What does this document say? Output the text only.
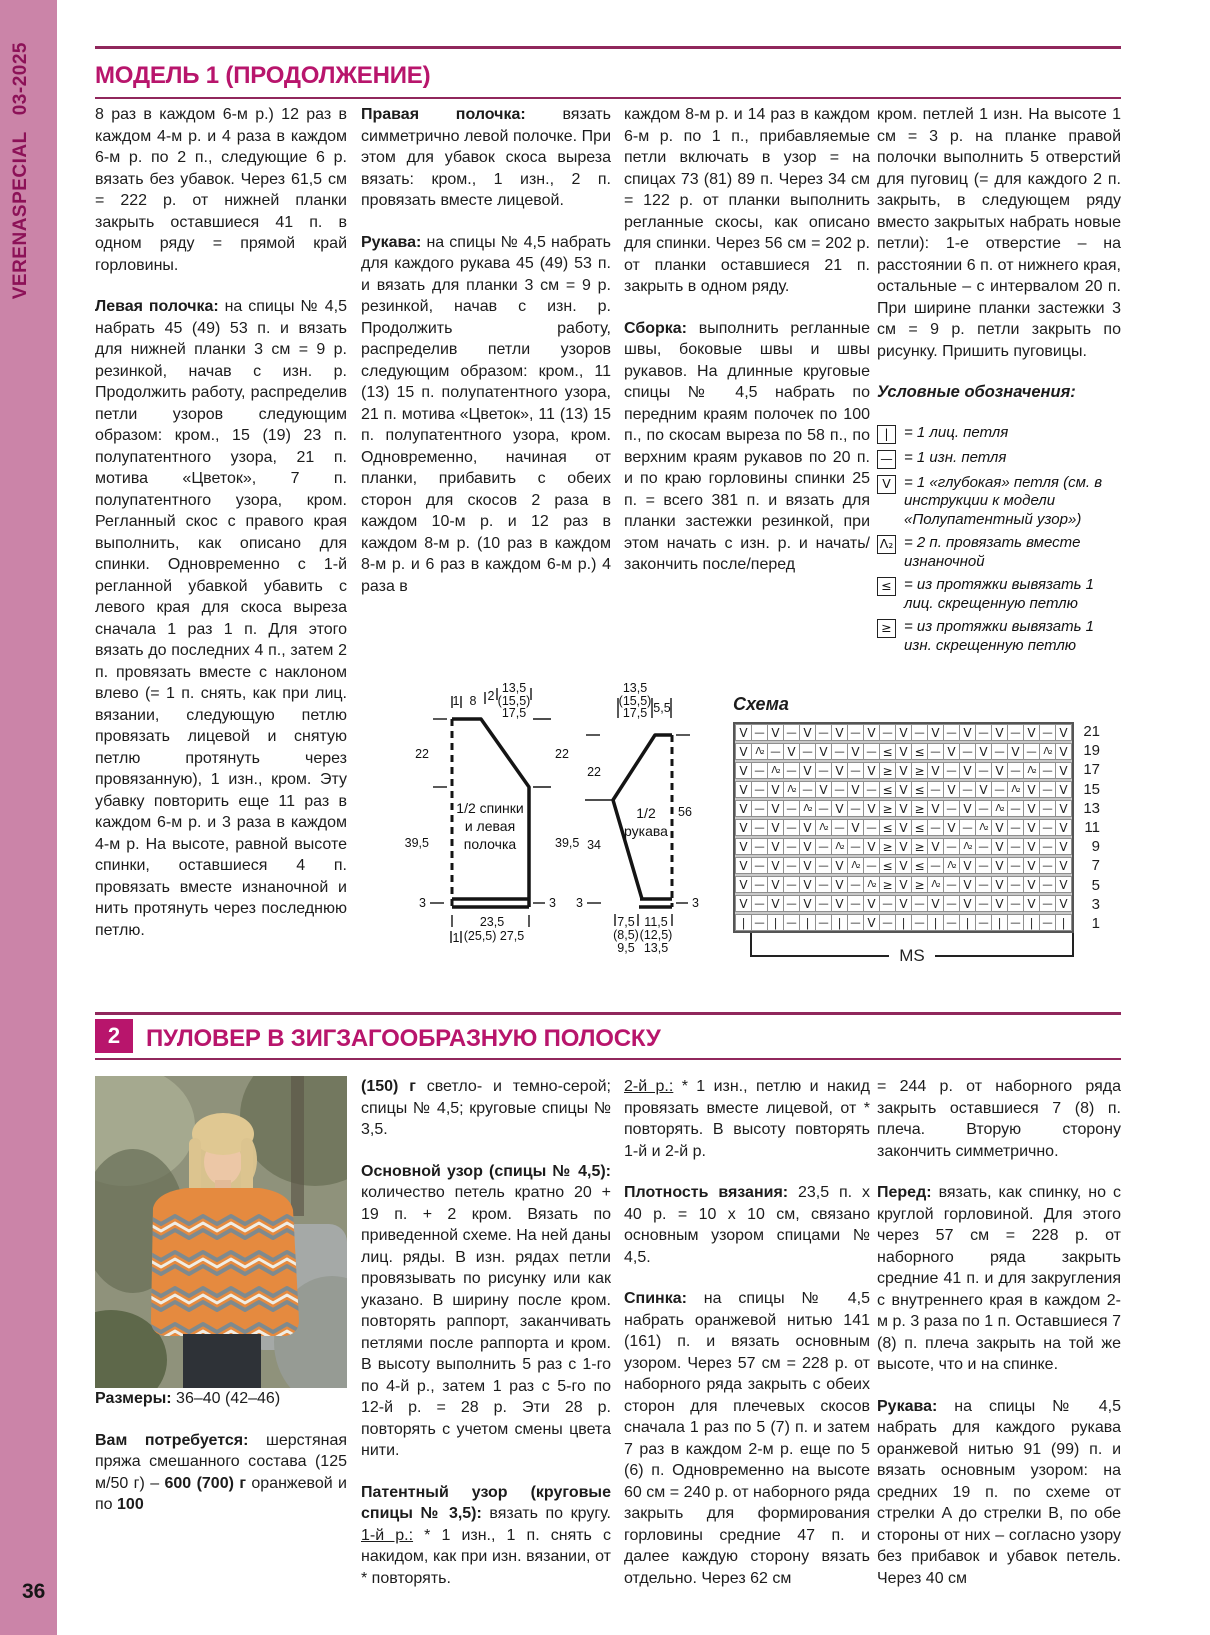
VERENASPECIAL
03-2025
36
МОДЕЛЬ 1 (ПРОДОЛЖЕНИЕ)

8 раз в каждом 6-м р.) 12 раз в каждом 4-м р. и 4 раза в каждом 6-м р. по 2 п., следующие 6 р. вязать без убавок. Через 61,5 см = 222 р. от нижней планки закрыть оставшиеся 41 п. в одном ряду = прямой край горловины.

Левая полочка: на спицы № 4,5 набрать 45 (49) 53 п. и вязать для нижней планки 3 см = 9 р. резинкой, начав с изн. р. Продолжить работу, распределив петли узоров следующим образом: кром., 15 (19) 23 п. полупатентного узора, 21 п. мотива «Цветок», 7 п. полупатентного узора, кром. Регланный скос с правого края выполнить, как описано для спинки. Одновременно с 1-й регланной убавкой убавить с левого края для скоса выреза сначала 1 раз 1 п. Для этого вязать до последних 4 п., затем 2 п. провязать вместе с наклоном влево (= 1 п. снять, как при лиц. вязании, следующую петлю провязать лицевой и снятую петлю протянуть через провязанную), 1 изн., кром. Эту убавку повторить еще 11 раз в каждом 6-м р. и 3 раза в каждом 4-м р. На высоте, равной высоте спинки, оставшиеся 4 п. провязать вместе изнаночной и нить протянуть через последнюю петлю.

Правая полочка: вязать симметрично левой полочке. При этом для убавок скоса выреза вязать: кром., 1 изн., 2 п. провязать вместе лицевой.

Рукава: на спицы № 4,5 набрать для каждого рукава 45 (49) 53 п. и вязать для планки 3 см = 9 р. резинкой, начав с изн. р. Продолжить работу, распределив петли узоров следующим образом: кром., 11 (13) 15 п. полупатентного узора, 21 п. мотива «Цветок», 11 (13) 15 п. полупатентного узора, кром. Одновременно, начиная от планки, прибавить с обеих сторон для скосов 2 раза в каждом 10-м р. и 12 раз в каждом 8-м р. (10 раз в каждом 8-м р. и 6 раз в каждом 6-м р.) 4 раза в

каждом 8-м р. и 14 раз в каждом 6-м р. по 1 п., прибавляемые петли включать в узор = на спицах 73 (81) 89 п. Через 34 см = 122 р. от планки выполнить регланные скосы, как описано для спинки. Через 56 см = 202 р. от планки оставшиеся 21 п. закрыть в одном ряду.

Сборка: выполнить регланные швы, боковые швы и швы рукавов. На длинные круговые спицы № 4,5 набрать по передним краям полочек по 100 п., по скосам выреза по 58 п., по верхним краям рукавов по 20 п. и по краю горловины спинки 25 п. = всего 381 п. и вязать для планки застежки резинкой, при этом начать с изн. р. и начать/закончить после/перед

кром. петлей 1 изн. На высоте 1 см = 3 р. на планке правой полочки выполнить 5 отверстий для пуговиц (= для каждого 2 п. закрыть, в следующем ряду вместо закрытых набрать новые петли): 1-е отверстие – на расстоянии 6 п. от нижнего края, остальные – с интервалом 20 п. При ширине планки застежки 3 см = 9 р. петли закрыть по рисунку. Пришить пуговицы.

Условные обозначения:

|	= 1 лиц. петля
— = 1 изн. петля
V = 1 «глубокая» петля (см. в инструкции к модели «Полупатентный узор»)
Λ₂ = 2 п. провязать вместе изнаночной
≤ = из протяжки вывязать 1 лиц. скрещенную петлю
≥ = из протяжки вывязать 1 изн. скрещенную петлю
1 8 2
13,5
(15,5)
17,5
22
39,5
3
22
39,5
3
23,5
(25,5) 27,5
1
1/2 спинки
и левая
полочка
13,5
(15,5)
17,5 5,5
22
34
3
56
3
7,5
(8,5)
9,5
11,5
(12,5)
13,5
1/2
рукава

Схема

V — V — V — V — V — V — V — V — V — V — V
V Λ₂ — V — V — V — ≤ V ≤ — V — V — V — Λ₂ V
V — Λ₂ — V — V — V ≥ V ≥ V — V — V — Λ₂ — V
V — V Λ₂ — V — V — ≤ V ≤ — V — V — Λ₂ V — V
V — V — Λ₂ — V — V ≥ V ≥ V — V — Λ₂ — V — V
V — V — V Λ₂ — V — ≤ V ≤ — V — Λ₂ V — V — V
V — V — V — Λ₂ — V ≥ V ≥ V — Λ₂ — V — V — V
V — V — V — V Λ₂ — ≤ V ≤ — Λ₂ V — V — V — V
V — V — V — V — Λ₂ ≥ V ≥ Λ₂ — V — V — V — V
V — V — V — V — V — V — V — V — V — V — V
| — | — | — | — V — | — | — | — | — | — |
21
19
17
15
13
11
9
7
5
3
1
MS
2	ПУЛОВЕР В ЗИГЗАГООБРАЗНУЮ ПОЛОСКУ

Размеры: 36–40 (42–46)

Вам потребуется: шерстяная пряжа смешанного состава (125 м/50 г) – 600 (700) г оранжевой и по 100

(150) г светло- и темно-серой; спицы № 4,5; круговые спицы № 3,5.

Основной узор (спицы № 4,5): количество петель кратно 20 + 19 п. + 2 кром. Вязать по приведенной схеме. На ней даны лиц. ряды. В изн. рядах петли провязывать по рисунку или как указано. В ширину после кром. повторять раппорт, заканчивать петлями после раппорта и кром. В высоту выполнить 5 раз с 1-го по 4-й р., затем 1 раз с 5-го по 12-й р. = 28 р. Эти 28 р. повторять с учетом смены цвета нити.

Патентный узор (круговые спицы № 3,5): вязать по кругу. 1-й р.: * 1 изн., 1 п. снять с накидом, как при изн. вязании, от * повторять.

2-й р.: * 1 изн., петлю и накид провязать вместе лицевой, от * повторять. В высоту повторять 1-й и 2-й р.

Плотность вязания: 23,5 п. x 40 р. = 10 x 10 см, связано основным узором спицами № 4,5.

Спинка: на спицы № 4,5 набрать оранжевой нитью 141 (161) п. и вязать основным узором. Через 57 см = 228 р. от наборного ряда закрыть с обеих сторон для плечевых скосов сначала 1 раз по 5 (7) п. и затем 7 раз в каждом 2-м р. еще по 5 (6) п. Одновременно на высоте 60 см = 240 р. от наборного ряда закрыть для формирования горловины средние 47 п. и далее каждую сторону вязать отдельно. Через 62 см

= 244 р. от наборного ряда закрыть оставшиеся 7 (8) п. плеча. Вторую сторону закончить симметрично.

Перед: вязать, как спинку, но с круглой горловиной. Для этого через 57 см = 228 р. от наборного ряда закрыть средние 41 п. и для закругления с внутреннего края в каждом 2-м р. 3 раза по 1 п. Оставшиеся 7 (8) п. плеча закрыть на той же высоте, что и на спинке.

Рукава: на спицы № 4,5 набрать для каждого рукава оранжевой нитью 91 (99) п. и вязать основным узором: на средних 19 п. по схеме от стрелки А до стрелки В, по обе стороны от них – согласно узору без прибавок и убавок петель. Через 40 см
